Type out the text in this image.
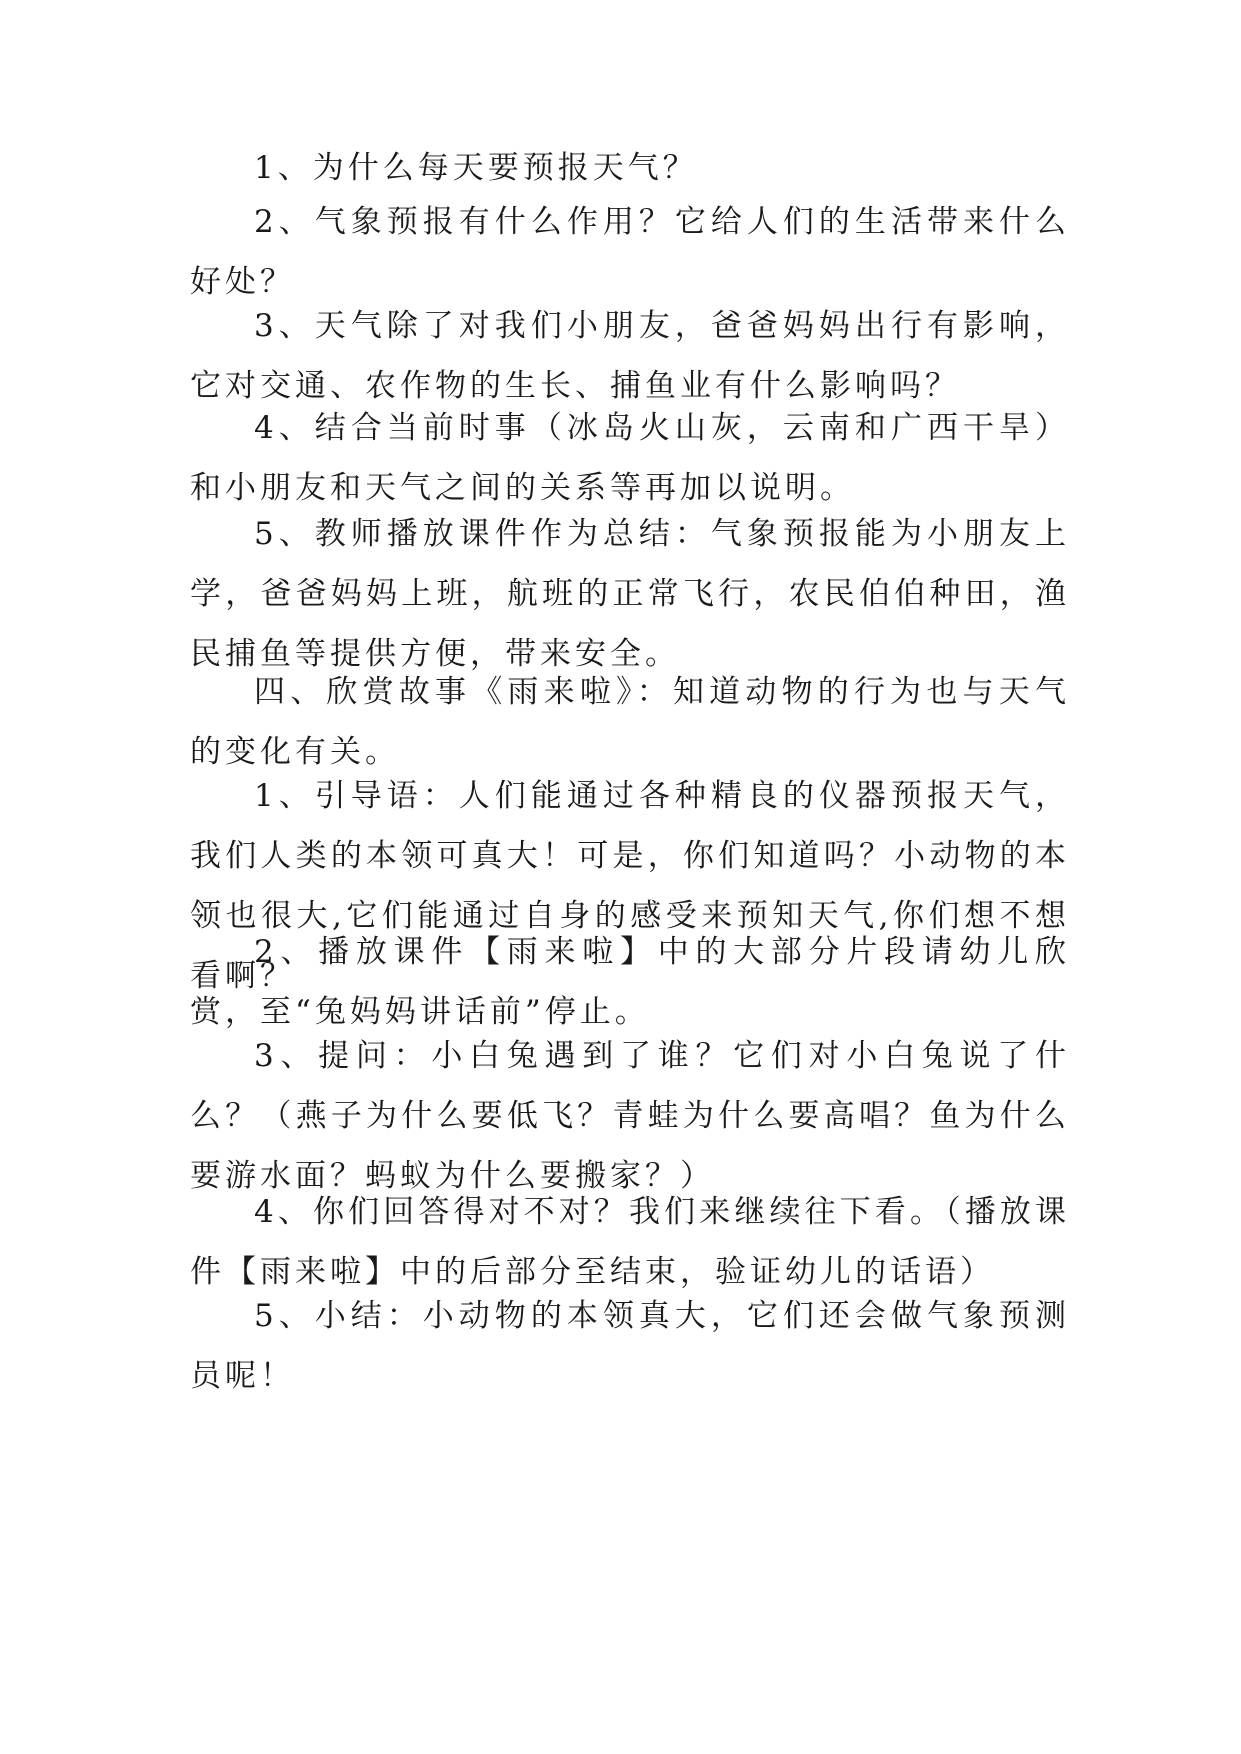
1、为什么每天要预报天气？

2、气象预报有什么作用？它给人们的生活带来什么好处？

3、天气除了对我们小朋友，爸爸妈妈出行有影响，它对交通、农作物的生长、捕鱼业有什么影响吗？

4、结合当前时事（冰岛火山灰，云南和广西干旱）和小朋友和天气之间的关系等再加以说明。

5、教师播放课件作为总结：气象预报能为小朋友上学，爸爸妈妈上班，航班的正常飞行，农民伯伯种田，渔民捕鱼等提供方便，带来安全。

四、欣赏故事《雨来啦》：知道动物的行为也与天气的变化有关。

1、引导语：人们能通过各种精良的仪器预报天气，我们人类的本领可真大！可是，你们知道吗？小动物的本领也很大,它们能通过自身的感受来预知天气,你们想不想看啊？

2、播放课件【雨来啦】中的大部分片段请幼儿欣赏，至“兔妈妈讲话前”停止。

3、提问：小白兔遇到了谁？它们对小白兔说了什么？（燕子为什么要低飞？青蛙为什么要高唱？鱼为什么要游水面？蚂蚁为什么要搬家？）

4、你们回答得对不对？我们来继续往下看。（播放课件【雨来啦】中的后部分至结束，验证幼儿的话语）

5、小结：小动物的本领真大，它们还会做气象预测员呢！
